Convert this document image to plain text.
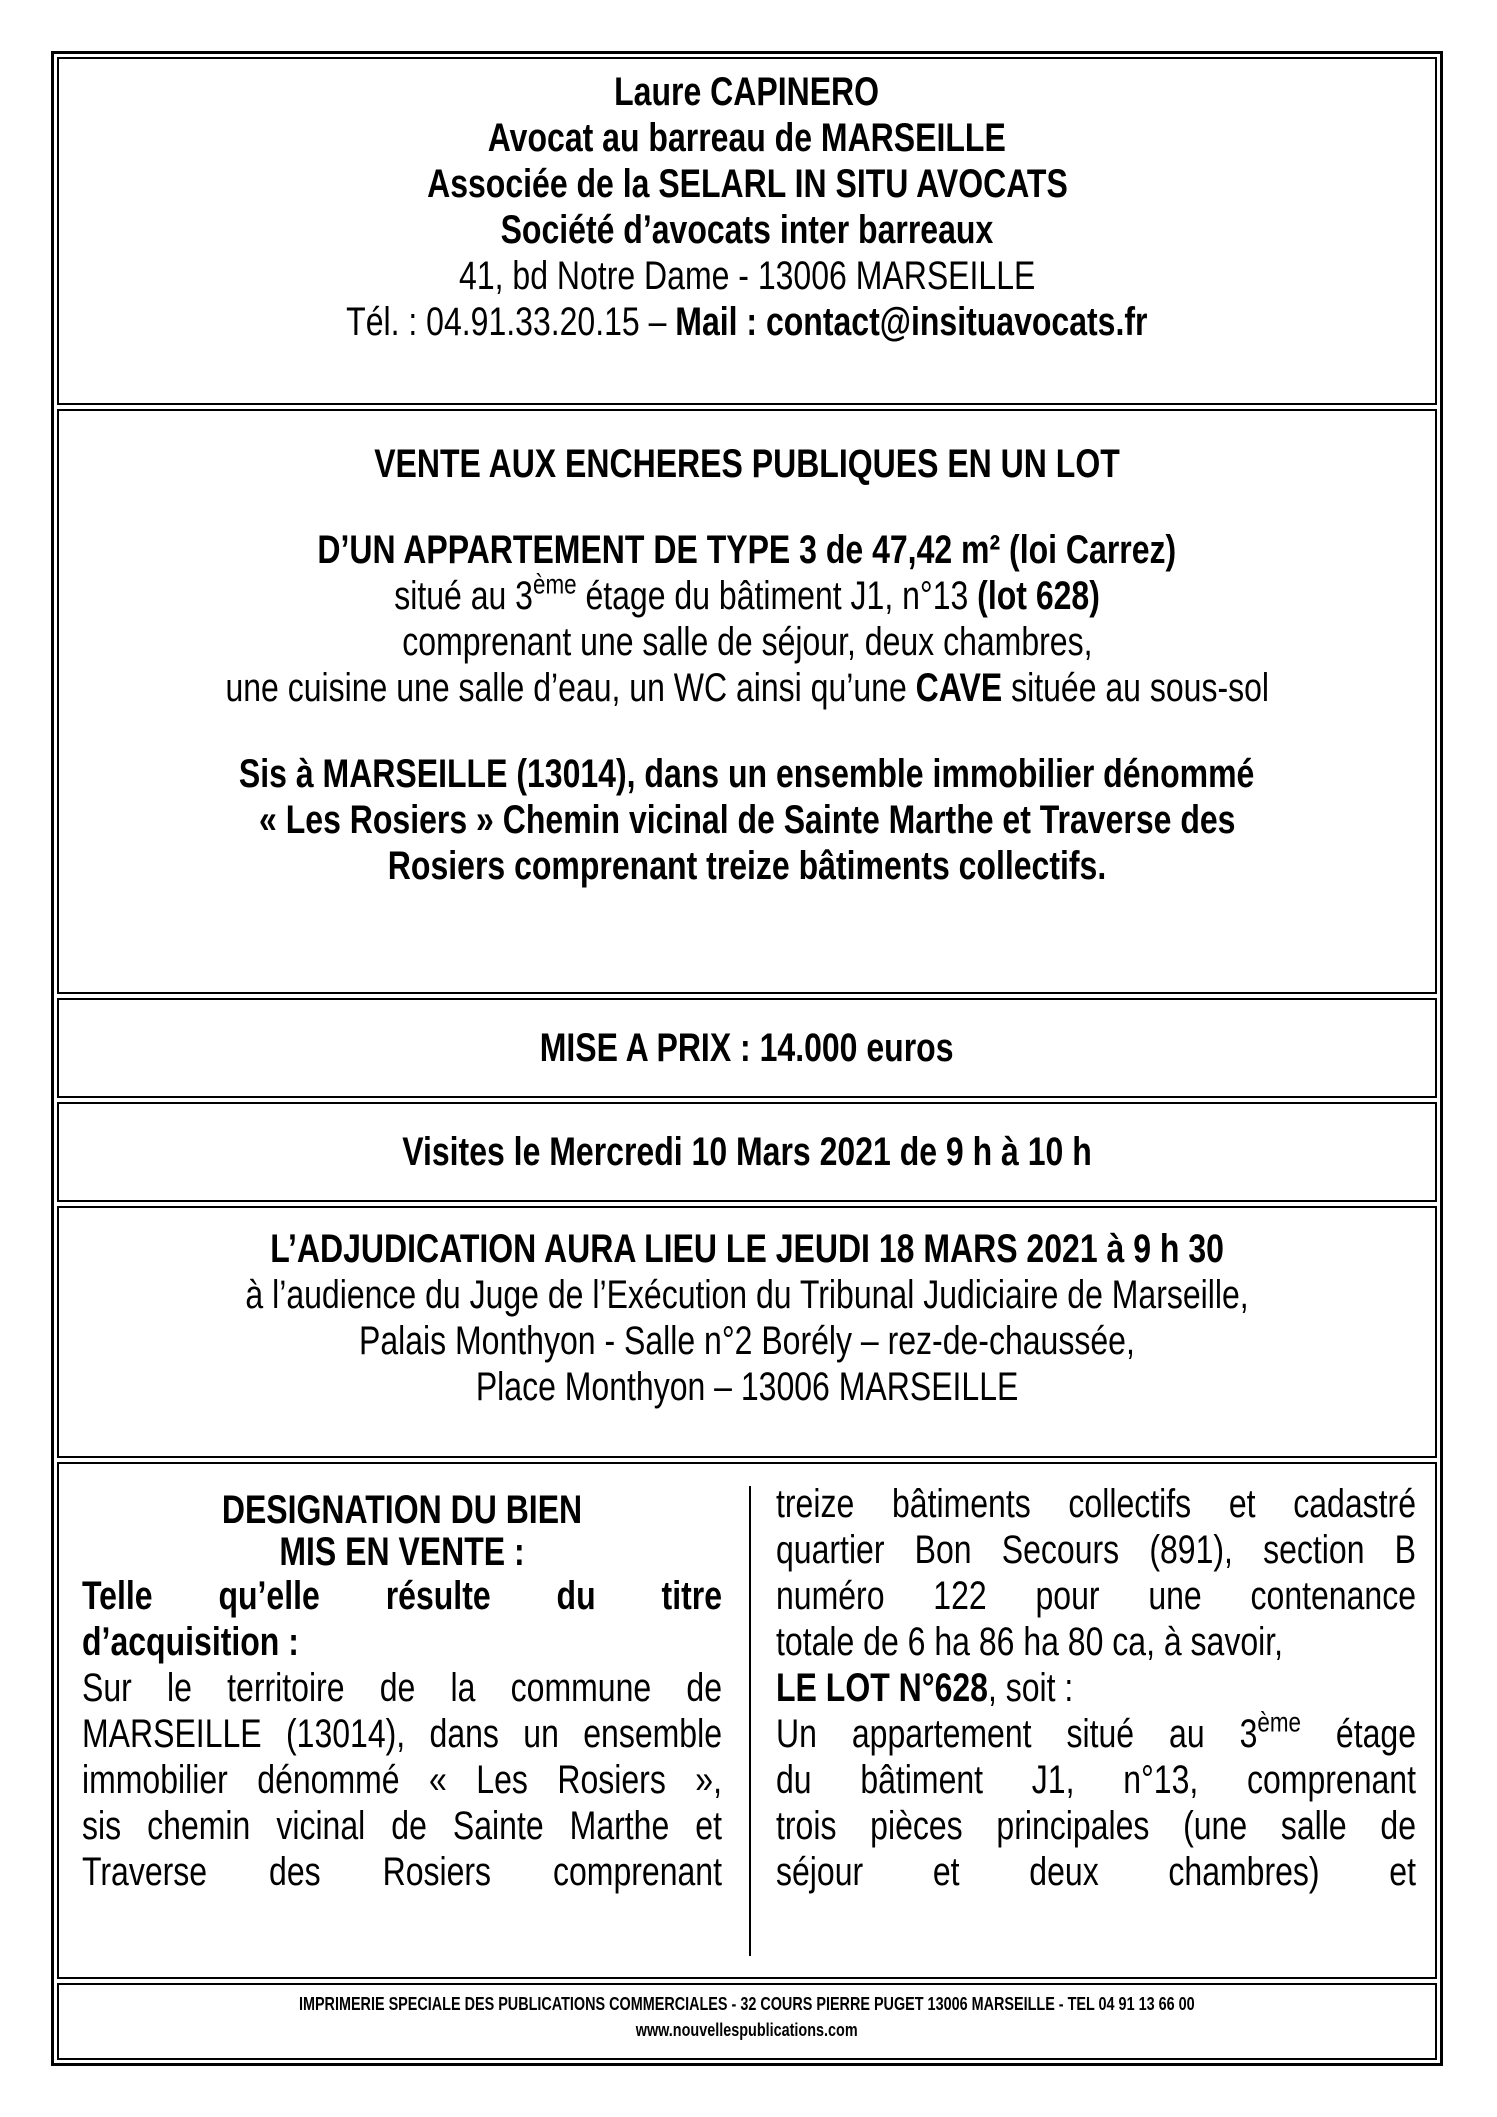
Laure CAPINERO
Avocat au barreau de MARSEILLE
Associée de la SELARL IN SITU AVOCATS
Société d’avocats inter barreaux
41, bd Notre Dame - 13006 MARSEILLE
Tél. : 04.91.33.20.15 – Mail : contact@insituavocats.fr
VENTE AUX ENCHERES PUBLIQUES EN UN LOT
D’UN APPARTEMENT DE TYPE 3 de 47,42 m² (loi Carrez)
situé au 3ème étage du bâtiment J1, n°13 (lot 628)
comprenant une salle de séjour, deux chambres,
une cuisine une salle d’eau, un WC ainsi qu’une CAVE située au sous-sol
Sis à MARSEILLE (13014), dans un ensemble immobilier dénommé
« Les Rosiers » Chemin vicinal de Sainte Marthe et Traverse des
Rosiers comprenant treize bâtiments collectifs.
MISE A PRIX : 14.000 euros
Visites le Mercredi 10 Mars 2021 de 9 h à 10 h
L’ADJUDICATION AURA LIEU LE JEUDI 18 MARS 2021 à 9 h 30
à l’audience du Juge de l’Exécution du Tribunal Judiciaire de Marseille,
Palais Monthyon - Salle n°2 Borély – rez-de-chaussée,
Place Monthyon – 13006 MARSEILLE
DESIGNATION DU BIEN
MIS EN VENTE :
Telle qu’elle résulte du titre
d’acquisition :
Sur le territoire de la commune de
MARSEILLE (13014), dans un ensemble
immobilier dénommé « Les Rosiers »,
sis chemin vicinal de Sainte Marthe et
Traverse des Rosiers comprenant
treize bâtiments collectifs et cadastré
quartier Bon Secours (891), section B
numéro 122 pour une contenance
totale de 6 ha 86 ha 80 ca, à savoir,
LE LOT N°628, soit :
Un appartement situé au 3ème étage
du bâtiment J1, n°13, comprenant
trois pièces principales (une salle de
séjour et deux chambres) et
IMPRIMERIE SPECIALE DES PUBLICATIONS COMMERCIALES - 32 COURS PIERRE PUGET 13006 MARSEILLE - TEL 04 91 13 66 00
www.nouvellespublications.com
